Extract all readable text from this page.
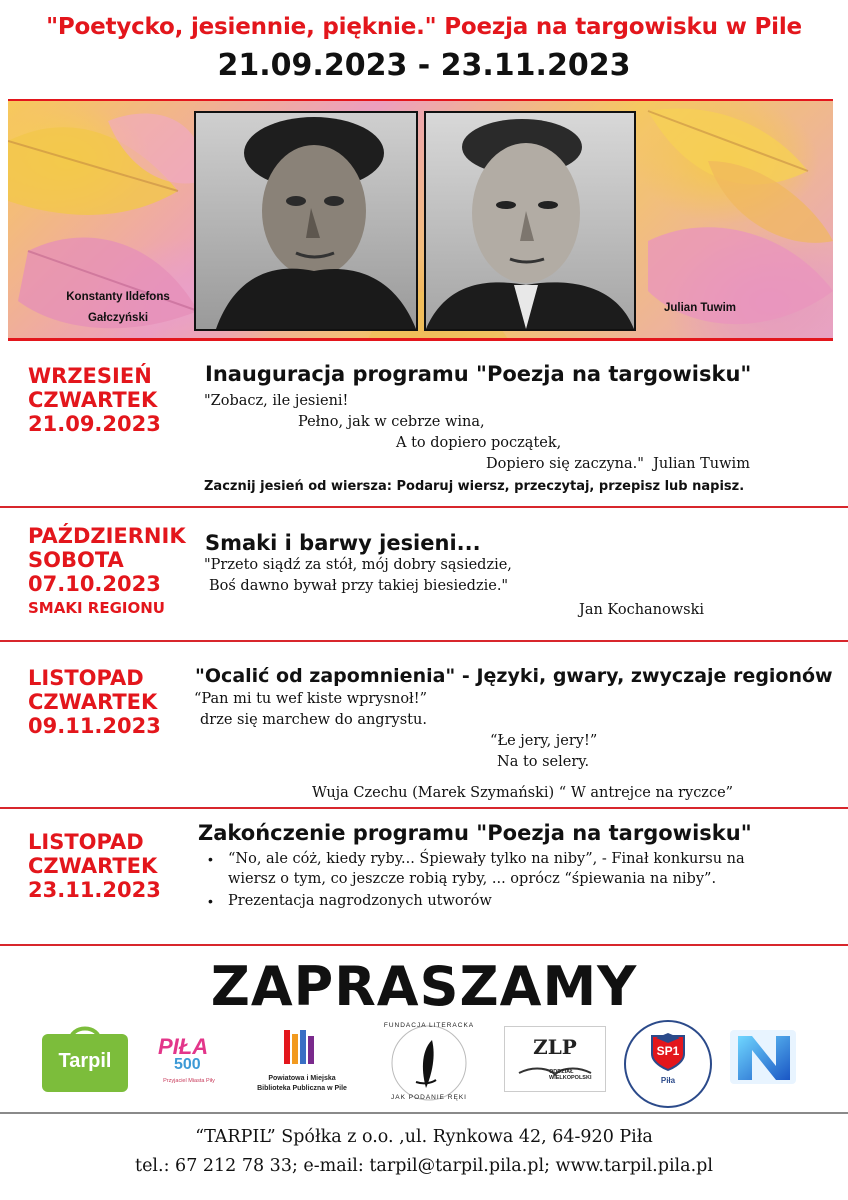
"Poetycko, jesiennie, pięknie." Poezja na targowisku w Pile
21.09.2023 - 23.11.2023
Konstanty Ildefons
Gałczyński
Julian Tuwim
WRZESIEŃ
CZWARTEK
21.09.2023
Inauguracja programu "Poezja na targowisku"
"Zobacz, ile jesieni!
Pełno, jak w cebrze wina,
A to dopiero początek,
Dopiero się zaczyna."  Julian Tuwim
Zacznij jesień od wiersza: Podaruj wiersz, przeczytaj, przepisz lub napisz.
PAŹDZIERNIK
SOBOTA
07.10.2023
SMAKI REGIONU
Smaki i barwy jesieni...
"Przeto siądź za stół, mój dobry sąsiedzie,
Boś dawno bywał przy takiej biesiedzie."
Jan Kochanowski
LISTOPAD
CZWARTEK
09.11.2023
"Ocalić od zapomnienia" - Języki, gwary, zwyczaje regionów
“Pan mi tu wef kiste wprysnoł!”
drze się marchew do angrystu.
“Łe jery, jery!”
Na to selery.
Wuja Czechu (Marek Szymański) “ W antrejce na ryczce”
LISTOPAD
CZWARTEK
23.11.2023
Zakończenie programu "Poezja na targowisku"
• “No, ale cóż, kiedy ryby... Śpiewały tylko na niby”, - Finał konkursu na wiersz o tym, co jeszcze robią ryby, ... oprócz “śpiewania na niby”.
• Prezentacja nagrodzonych utworów
ZAPRASZAMY
Tarpil
PIŁA
500
Przyjaciel Miasta Piły	Powiatowa i Miejska
Biblioteka Publiczna w Pile
FUNDACJA LITERACKA
JAK PODANIE RĘKI
ZLP
ODDZIAŁ WIELKOPOLSKI
SP1
Piła
“TARPIL” Spółka z o.o. ,ul. Rynkowa 42, 64-920 Piła
tel.: 67 212 78 33; e-mail: tarpil@tarpil.pila.pl; www.tarpil.pila.pl
